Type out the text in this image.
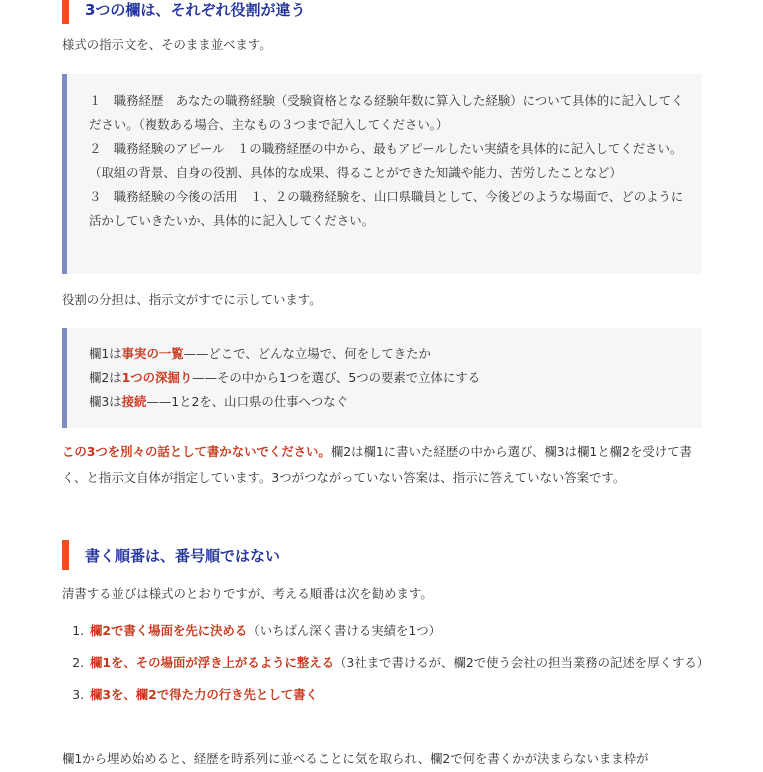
3つの欄は、それぞれ役割が違う

様式の指示文を、そのまま並べます。

１　職務経歴　あなたの職務経験（受験資格となる経験年数に算入した経験）について具体的に記入してください。（複数ある場合、主なもの３つまで記入してください。）

２　職務経験のアピール　１の職務経歴の中から、最もアピールしたい実績を具体的に記入してください。（取組の背景、自身の役割、具体的な成果、得ることができた知識や能力、苦労したことなど）

３　職務経験の今後の活用　１、２の職務経験を、山口県職員として、今後どのような場面で、どのように活かしていきたいか、具体的に記入してください。

役割の分担は、指示文がすでに示しています。

欄1は事実の一覧——どこで、どんな立場で、何をしてきたか

欄2は1つの深掘り——その中から1つを選び、5つの要素で立体にする

欄3は接続——1と2を、山口県の仕事へつなぐ

この3つを別々の話として書かないでください。欄2は欄1に書いた経歴の中から選び、欄3は欄1と欄2を受けて書く、と指示文自体が指定しています。3つがつながっていない答案は、指示に答えていない答案です。

書く順番は、番号順ではない

清書する並びは様式のとおりですが、考える順番は次を勧めます。

1. 欄2で書く場面を先に決める（いちばん深く書ける実績を1つ）
2. 欄1を、その場面が浮き上がるように整える（3社まで書けるが、欄2で使う会社の担当業務の記述を厚くする）
3. 欄3を、欄2で得た力の行き先として書く

欄1から埋め始めると、経歴を時系列に並べることに気を取られ、欄2で何を書くかが決まらないまま枠が
